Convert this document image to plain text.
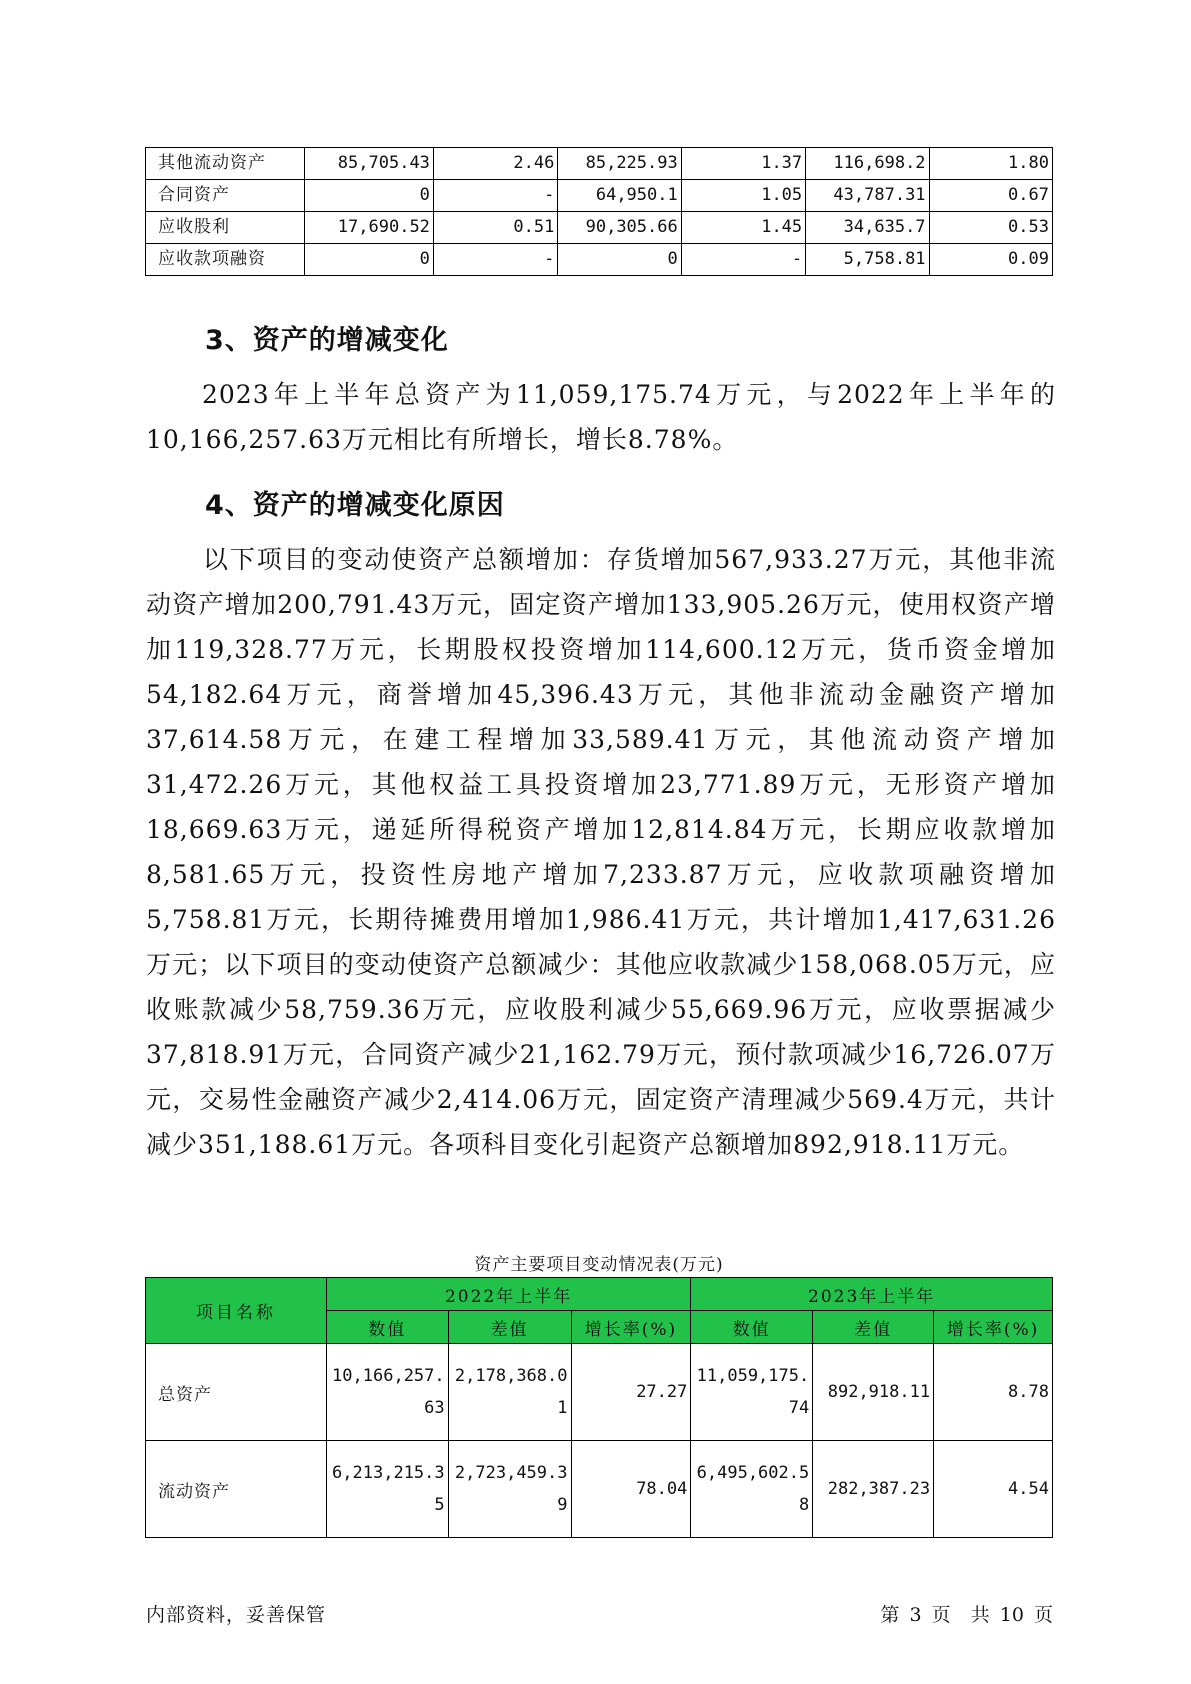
其他流动资产	85,705.43	2.46	85,225.93	1.37	116,698.2	1.80
合同资产	0	-	64,950.1	1.05	43,787.31	0.67
应收股利	17,690.52	0.51	90,305.66	1.45	34,635.7	0.53
应收款项融资	0	-	0	-	5,758.81	0.09
3、资产的增减变化
2023年上半年总资产为11,059,175.74万元，与2022年上半年的10,166,257.63万元相比有所增长，增长8.78%。
4、资产的增减变化原因
以下项目的变动使资产总额增加：存货增加567,933.27万元，其他非流动资产增加200,791.43万元，固定资产增加133,905.26万元，使用权资产增加119,328.77万元，长期股权投资增加114,600.12万元，货币资金增加54,182.64万元，商誉增加45,396.43万元，其他非流动金融资产增加37,614.58万元，在建工程增加33,589.41万元，其他流动资产增加31,472.26万元，其他权益工具投资增加23,771.89万元，无形资产增加18,669.63万元，递延所得税资产增加12,814.84万元，长期应收款增加8,581.65万元，投资性房地产增加7,233.87万元，应收款项融资增加5,758.81万元，长期待摊费用增加1,986.41万元，共计增加1,417,631.26万元；以下项目的变动使资产总额减少：其他应收款减少158,068.05万元，应收账款减少58,759.36万元，应收股利减少55,669.96万元，应收票据减少37,818.91万元，合同资产减少21,162.79万元，预付款项减少16,726.07万元，交易性金融资产减少2,414.06万元，固定资产清理减少569.4万元，共计减少351,188.61万元。各项科目变化引起资产总额增加892,918.11万元。
资产主要项目变动情况表(万元)
项目名称	2022年上半年			2023年上半年		
	数值	差值	增长率(%)	数值	差值	增长率(%)
总资产	10,166,257.63	2,178,368.01	27.27	11,059,175.74	892,918.11	8.78
流动资产	6,213,215.35	2,723,459.39	78.04	6,495,602.58	282,387.23	4.54
内部资料，妥善保管	第 3 页 共 10 页
